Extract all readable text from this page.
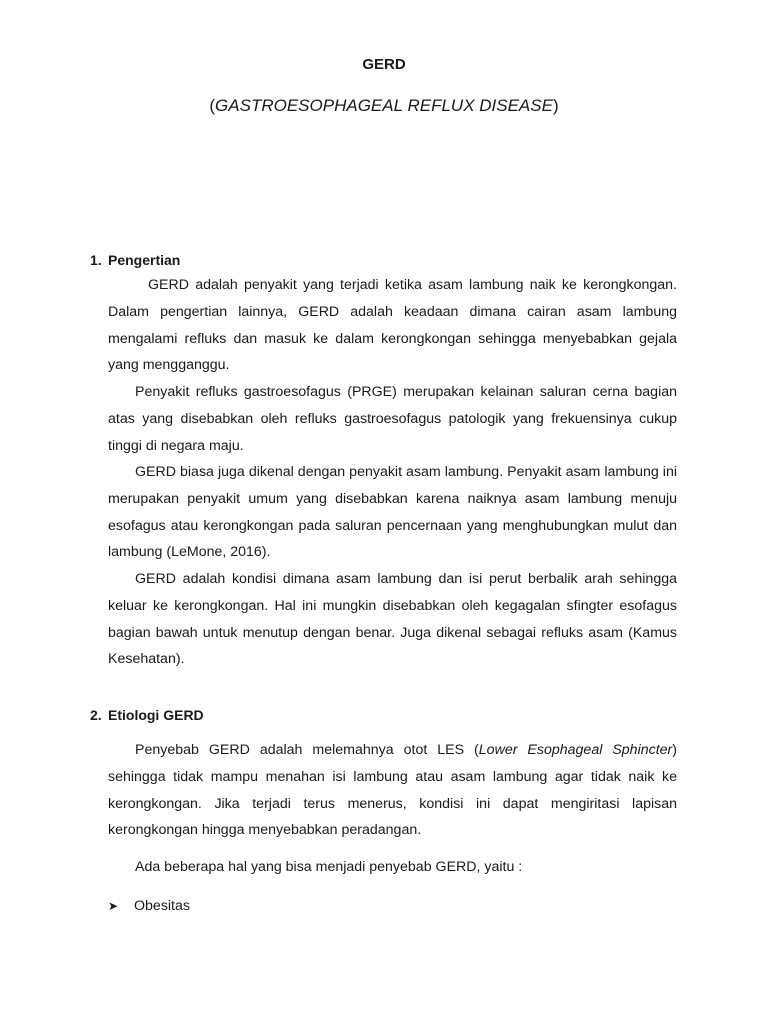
GERD
(GASTROESOPHAGEAL REFLUX DISEASE)
1. Pengertian

GERD adalah penyakit yang terjadi ketika asam lambung naik ke kerongkongan. Dalam pengertian lainnya, GERD adalah keadaan dimana cairan asam lambung mengalami refluks dan masuk ke dalam kerongkongan sehingga menyebabkan gejala yang mengganggu.

Penyakit refluks gastroesofagus (PRGE) merupakan kelainan saluran cerna bagian atas yang disebabkan oleh refluks gastroesofagus patologik yang frekuensinya cukup tinggi di negara maju.

GERD biasa juga dikenal dengan penyakit asam lambung. Penyakit asam lambung ini merupakan penyakit umum yang disebabkan karena naiknya asam lambung menuju esofagus atau kerongkongan pada saluran pencernaan yang menghubungkan mulut dan lambung (LeMone, 2016).

GERD adalah kondisi dimana asam lambung dan isi perut berbalik arah sehingga keluar ke kerongkongan. Hal ini mungkin disebabkan oleh kegagalan sfingter esofagus bagian bawah untuk menutup dengan benar. Juga dikenal sebagai refluks asam (Kamus Kesehatan).

2. Etiologi GERD

Penyebab GERD adalah melemahnya otot LES (Lower Esophageal Sphincter) sehingga tidak mampu menahan isi lambung atau asam lambung agar tidak naik ke kerongkongan. Jika terjadi terus menerus, kondisi ini dapat mengiritasi lapisan kerongkongan hingga menyebabkan peradangan.

Ada beberapa hal yang bisa menjadi penyebab GERD, yaitu :

➤ Obesitas
